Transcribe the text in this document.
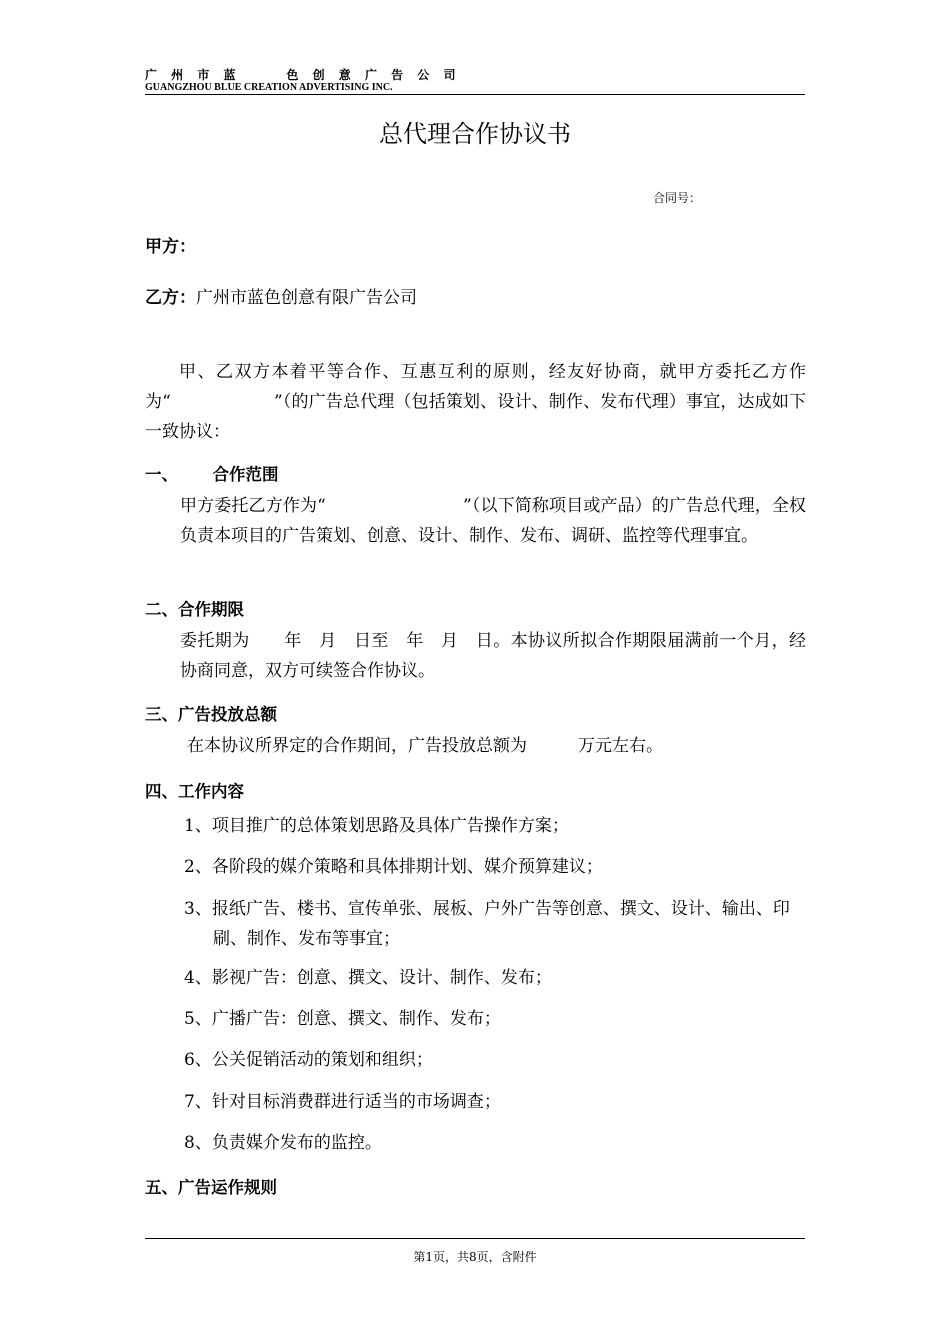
广 州 市 蓝     色 创 意 广 告 公 司
GUANGZHOU BLUE CREATION ADVERTISING INC.
总代理合作协议书
合同号：
甲方：
乙方：广州市蓝色创意有限广告公司
甲、乙双方本着平等合作、互惠互利的原则，经友好协商，就甲方委托乙方作为“　　　　　　”（的广告总代理（包括策划、设计、制作、发布代理）事宜，达成如下一致协议：
一、      合作范围
甲方委托乙方作为“　　　　　　　　”（以下简称项目或产品）的广告总代理，全权负责本项目的广告策划、创意、设计、制作、发布、调研、监控等代理事宜。
二、合作期限
委托期为　　年　月　日至　年　月　日。本协议所拟合作期限届满前一个月，经协商同意，双方可续签合作协议。
三、广告投放总额
在本协议所界定的合作期间，广告投放总额为　　　万元左右。
四、工作内容
1、项目推广的总体策划思路及具体广告操作方案；
2、各阶段的媒介策略和具体排期计划、媒介预算建议；
3、报纸广告、楼书、宣传单张、展板、户外广告等创意、撰文、设计、输出、印刷、制作、发布等事宜；
4、影视广告：创意、撰文、设计、制作、发布；
5、广播广告：创意、撰文、制作、发布；
6、公关促销活动的策划和组织；
7、针对目标消费群进行适当的市场调查；
8、负责媒介发布的监控。
五、广告运作规则
第1页，共8页，含附件
